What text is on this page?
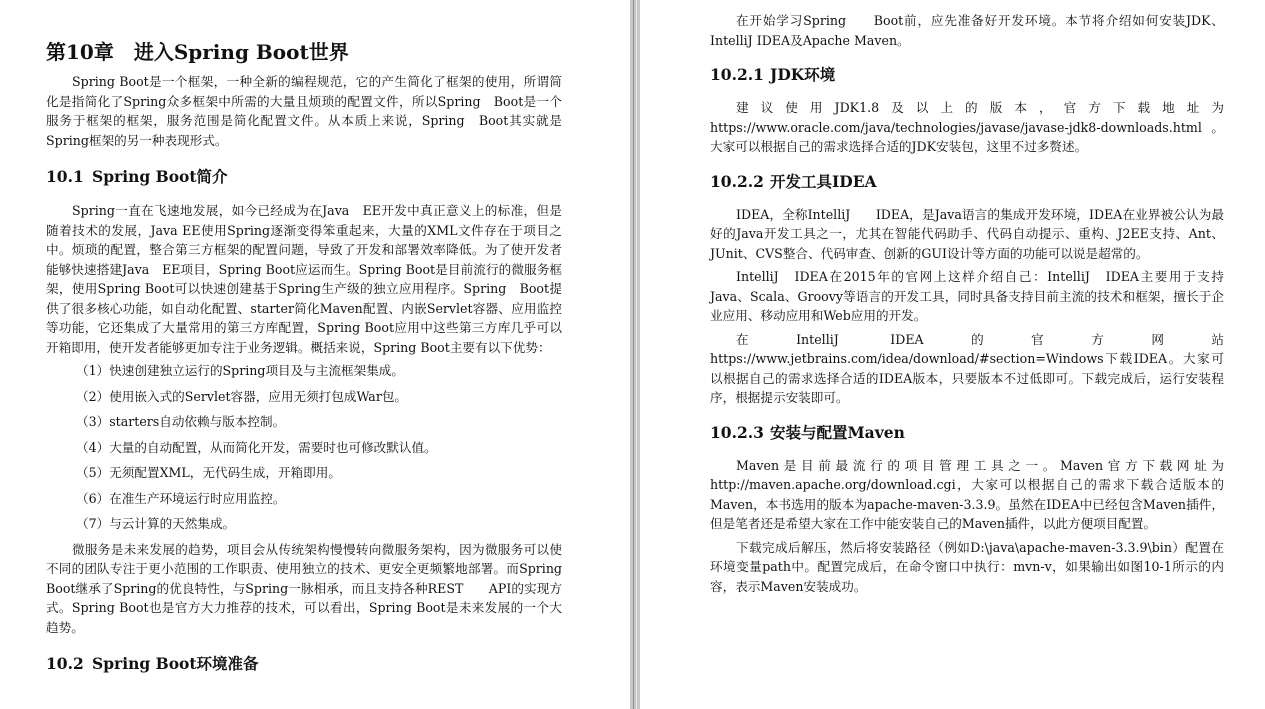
第10章 进入Spring Boot世界

Spring Boot是一个框架，一种全新的编程规范，它的产生简化了框架的使用，所谓简化是指简化了Spring众多框架中所需的大量且烦琐的配置文件，所以Spring　Boot是一个服务于框架的框架，服务范围是简化配置文件。从本质上来说，Spring　Boot其实就是Spring框架的另一种表现形式。

10.1 Spring Boot简介

Spring一直在飞速地发展，如今已经成为在Java　EE开发中真正意义上的标准，但是随着技术的发展，Java EE使用Spring逐渐变得笨重起来，大量的XML文件存在于项目之中。烦琐的配置，整合第三方框架的配置问题，导致了开发和部署效率降低。为了使开发者能够快速搭建Java　EE项目，Spring Boot应运而生。Spring Boot是目前流行的微服务框架，使用Spring Boot可以快速创建基于Spring生产级的独立应用程序。Spring　Boot提供了很多核心功能，如自动化配置、starter简化Maven配置、内嵌Servlet容器、应用监控等功能，它还集成了大量常用的第三方库配置，Spring Boot应用中这些第三方库几乎可以开箱即用，使开发者能够更加专注于业务逻辑。概括来说，Spring Boot主要有以下优势：

（1）快速创建独立运行的Spring项目及与主流框架集成。

（2）使用嵌入式的Servlet容器，应用无须打包成War包。

（3）starters自动依赖与版本控制。

（4）大量的自动配置，从而简化开发，需要时也可修改默认值。

（5）无须配置XML，无代码生成，开箱即用。

（6）在准生产环境运行时应用监控。

（7）与云计算的天然集成。

微服务是未来发展的趋势，项目会从传统架构慢慢转向微服务架构，因为微服务可以使不同的团队专注于更小范围的工作职责、使用独立的技术、更安全更频繁地部署。而Spring Boot继承了Spring的优良特性，与Spring一脉相承，而且支持各种REST　　API的实现方式。Spring Boot也是官方大力推荐的技术，可以看出，Spring Boot是未来发展的一个大趋势。

10.2 Spring Boot环境准备

在开始学习Spring　　Boot前，应先准备好开发环境。本节将介绍如何安装JDK、IntelliJ IDEA及Apache Maven。

10.2.1 JDK环境

建议使用JDK1.8及以上的版本，官方下载地址为https://www.oracle.com/java/technologies/javase/javase-jdk8-downloads.html。大家可以根据自己的需求选择合适的JDK安装包，这里不过多赘述。

10.2.2 开发工具IDEA

IDEA，全称IntelliJ　　IDEA，是Java语言的集成开发环境，IDEA在业界被公认为最好的Java开发工具之一，尤其在智能代码助手、代码自动提示、重构、J2EE支持、Ant、JUnit、CVS整合、代码审查、创新的GUI设计等方面的功能可以说是超常的。

IntelliJ　IDEA在2015年的官网上这样介绍自己：IntelliJ　IDEA主要用于支持Java、Scala、Groovy等语言的开发工具，同时具备支持目前主流的技术和框架，擅长于企业应用、移动应用和Web应用的开发。

在IntelliJ IDEA的官方网站https://www.jetbrains.com/idea/download/#section=Windows下载IDEA。大家可以根据自己的需求选择合适的IDEA版本，只要版本不过低即可。下载完成后，运行安装程序，根据提示安装即可。

10.2.3 安装与配置Maven

Maven是目前最流行的项目管理工具之一。Maven官方下载网址为http://maven.apache.org/download.cgi，大家可以根据自己的需求下载合适版本的Maven，本书选用的版本为apache-maven-3.3.9。虽然在IDEA中已经包含Maven插件，但是笔者还是希望大家在工作中能安装自己的Maven插件，以此方便项目配置。

下载完成后解压，然后将安装路径（例如D:\java\apache-maven-3.3.9\bin）配置在环境变量path中。配置完成后，在命令窗口中执行：mvn-v，如果输出如图10-1所示的内容，表示Maven安装成功。
